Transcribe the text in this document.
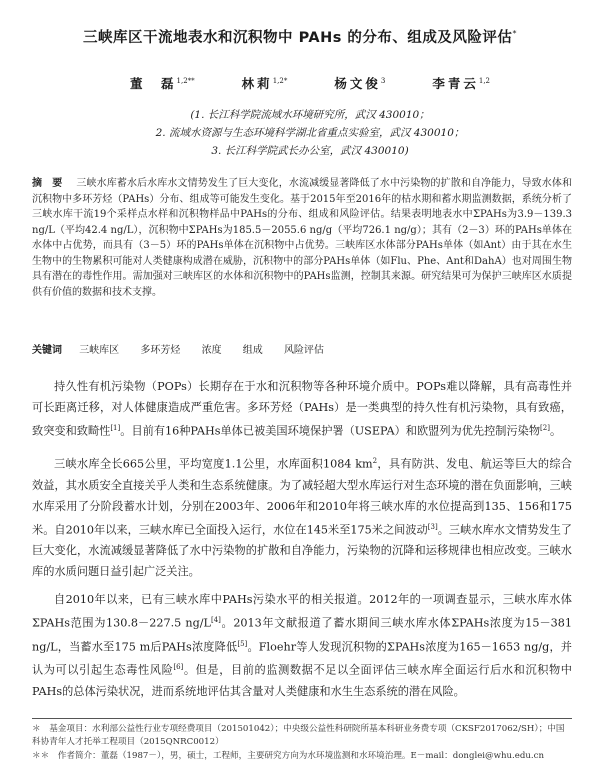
三峡库区干流地表水和沉积物中 PAHs 的分布、组成及风险评估*
董　磊$^{1,2**}$	林莉$^{1,2*}$	杨文俊$^3$	李青云$^{1,2}$
(1. 长江科学院流域水环境研究所，武汉 430010；
2. 流域水资源与生态环境科学湖北省重点实验室，武汉 430010；
3. 长江科学院武长办公室，武汉 430010)
摘　要 三峡水库蓄水后水库水文情势发生了巨大变化，水流减缓显著降低了水中污染物的扩散和自净能力，导致水体和沉积物中多环芳烃（PAHs）分布、组成等可能发生变化。基于2015年至2016年的枯水期和蓄水期监测数据，系统分析了三峡水库干流19个采样点水样和沉积物样品中PAHs的分布、组成和风险评估。结果表明地表水中ΣPAHs为3.9－139.3 ng/L（平均42.4 ng/L），沉积物中ΣPAHs为185.5－2055.6 ng/g（平均726.1 ng/g）；其有（2－3）环的PAHs单体在水体中占优势，而具有（3－5）环的PAHs单体在沉积物中占优势。三峡库区水体部分PAHs单体（如Ant）由于其在水生生物中的生物累积可能对人类健康构成潜在威胁，沉积物中的部分PAHs单体（如Flu、Phe、Ant和DahA）也对周围生物具有潜在的毒性作用。需加强对三峡库区的水体和沉积物中的PAHs监测，控制其来源。研究结果可为保护三峡库区水质提供有价值的数据和技术支撑。
关键词 三峡库区 多环芳烃 浓度 组成 风险评估
持久性有机污染物（POPs）长期存在于水和沉积物等各种环境介质中。POPs难以降解，具有高毒性并可长距离迁移，对人体健康造成严重危害。多环芳烃（PAHs）是一类典型的持久性有机污染物，具有致癌，致突变和致畸性[1]。目前有16种PAHs单体已被美国环境保护署（USEPA）和欧盟列为优先控制污染物[2]。
三峡水库全长665公里，平均宽度1.1公里，水库面积1084 $km^2$，具有防洪、发电、航运等巨大的综合效益，其水质安全直接关乎人类和生态系统健康。为了减轻超大型水库运行对生态环境的潜在负面影响，三峡水库采用了分阶段蓄水计划，分别在2003年、2006年和2010年将三峡水库的水位提高到135、156和175米。自2010年以来，三峡水库已全面投入运行，水位在145米至175米之间波动[3]。三峡水库水文情势发生了巨大变化，水流减缓显著降低了水中污染物的扩散和自净能力，污染物的沉降和运移规律也相应改变。三峡水库的水质问题日益引起广泛关注。
自2010年以来，已有三峡水库中PAHs污染水平的相关报道。2012年的一项调查显示，三峡水库水体ΣPAHs范围为130.8－227.5 ng/L[4]。2013年文献报道了蓄水期间三峡水库水体ΣPAHs浓度为15－381 ng/L，当蓄水至175 m后PAHs浓度降低[5]。Floehr等人发现沉积物的ΣPAHs浓度为165－1653 ng/g，并认为可以引起生态毒性风险[6]。但是，目前的监测数据不足以全面评估三峡水库全面运行后水和沉积物中PAHs的总体污染状况，进而系统地评估其含量对人类健康和水生生态系统的潜在风险。
＊　基金项目：水利部公益性行业专项经费项目（201501042）；中央级公益性科研院所基本科研业务费专项（CKSF2017062/SH）；中国科协青年人才托举工程项目（2015QNRC0012）
＊＊　作者简介：董磊（1987－），男，硕士，工程师，主要研究方向为水环境监测和水环境治理。E－mail：donglei@whu.edu.cn
